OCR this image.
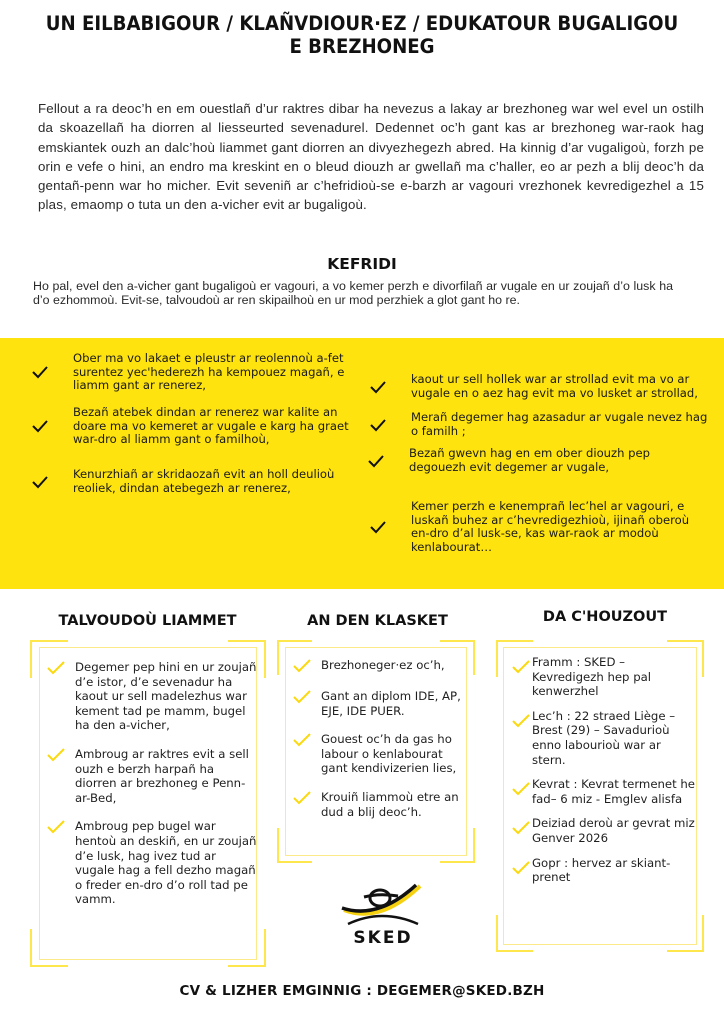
UN EILBABIGOUR / KLAÑVDIOUR·EZ / EDUKATOUR BUGALIGOU
E BREZHONEG

Fellout a ra deoc’h en em ouestlañ d’ur raktres dibar ha nevezus a lakay ar brezhoneg war wel evel un ostilh da skoazellañ ha diorren al liesseurted sevenadurel. Dedennet oc’h gant kas ar brezhoneg war-raok hag emskiantek ouzh an dalc’hoù liammet gant diorren an divyezhegezh abred. Ha kinnig d’ar vugaligoù, forzh pe orin e vefe o hini, an endro ma kreskint en o bleud diouzh ar gwellañ ma c’haller, eo ar pezh a blij deoc’h da gentañ-penn war ho micher. Evit seveniñ ar c’hefridioù-se e-barzh ar vagouri vrezhonek kevredigezhel a 15 plas, emaomp o tuta un den a-vicher evit ar bugaligoù.

KEFRIDI

Ho pal, evel den a-vicher gant bugaligoù er vagouri, a vo kemer perzh e divorfilañ ar vugale en ur zoujañ d’o lusk ha d’o ezhommoù. Evit-se, talvoudoù ar ren skipailhoù en ur mod perzhiek a glot gant ho re.

Ober ma vo lakaet e pleustr ar reolennoù a-fet surentez yec'hederezh ha kempouez magañ, e liamm gant ar renerez,
Bezañ atebek dindan ar renerez war kalite an doare ma vo kemeret ar vugale e karg ha graet war-dro al liamm gant o familhoù,
Kenurzhiañ ar skridaozañ evit an holl deulioù reoliek, dindan atebegezh ar renerez,
kaout ur sell hollek war ar strollad evit ma vo ar vugale en o aez hag evit ma vo lusket ar strollad,
Merañ degemer hag azasadur ar vugale nevez hag o familh ;
Bezañ gwevn hag en em ober diouzh pep degouezh evit degemer ar vugale,
Kemer perzh e kenemprañ lec’hel ar vagouri, e luskañ buhez ar c’hevredigezhioù, ijinañ oberoù en-dro d’al lusk-se, kas war-raok ar modoù kenlabourat…
TALVOUDOÙ LIAMMET	AN DEN KLASKET	DA C'HOUZOUT
Degemer pep hini en ur zoujañ d’e istor, d’e sevenadur ha kaout ur sell madelezhus war kement tad pe mamm, bugel ha den a-vicher,
Ambroug ar raktres evit a sell ouzh e berzh harpañ ha diorren ar brezhoneg e Penn-ar-Bed,
Ambroug pep bugel war hentoù an deskiñ, en ur zoujañ d’e lusk, hag ivez tud ar vugale hag a fell dezho magañ o freder en-dro d’o roll tad pe vamm.
Brezhoneger·ez oc’h,
Gant an diplom IDE, AP, EJE, IDE PUER.
Gouest oc’h da gas ho labour o kenlabourat gant kendivizerien lies,
Krouiñ liammoù etre an dud a blij deoc’h.
Framm : SKED – Kevredigezh hep pal kenwerzhel
Lec’h : 22 straed Liège – Brest (29) – Savadurioù enno labourioù war ar stern.
Kevrat : Kevrat termenet he fad– 6 miz - Emglev alisfa
Deiziad deroù ar gevrat miz Genver 2026
Gopr : hervez ar skiant-prenet
SKED
CV & LIZHER EMGINNIG : DEGEMER@SKED.BZH
